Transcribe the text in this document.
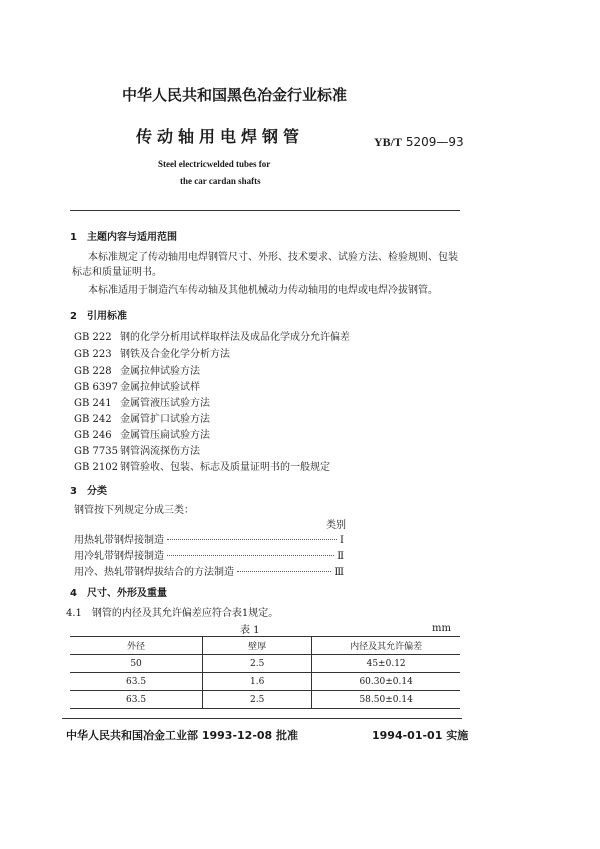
中华人民共和国黑色冶金行业标准
传动轴用电焊钢管	YB/T 5209—93
Steel electricwelded tubes for
the car cardan shafts
1　主题内容与适用范围
本标准规定了传动轴用电焊钢管尺寸、外形、技术要求、试验方法、检验规则、包装标志和质量证明书。
本标准适用于制造汽车传动轴及其他机械动力传动轴用的电焊或电焊冷拔钢管。
2　引用标准
GB 222 钢的化学分析用试样取样法及成品化学成分允许偏差
GB 223 钢铁及合金化学分析方法
GB 228 金属拉伸试验方法
GB 6397 金属拉伸试验试样
GB 241 金属管液压试验方法
GB 242 金属管扩口试验方法
GB 246 金属管压扁试验方法
GB 7735 钢管涡流探伤方法
GB 2102 钢管验收、包装、标志及质量证明书的一般规定
3　分类
钢管按下列规定分成三类：
类别
用热轧带钢焊接制造	Ⅰ
用冷轧带钢焊接制造	Ⅱ
用冷、热轧带钢焊拔结合的方法制造	Ⅲ
4　尺寸、外形及重量
4.1　 钢管的内径及其允许偏差应符合表1规定。
表 1	mm
外径	壁厚	内径及其允许偏差
50	2.5	45±0.12
63.5	1.6	60.30±0.14
63.5	2.5	58.50±0.14
中华人民共和国冶金工业部 1993-12-08 批准	1994-01-01 实施
